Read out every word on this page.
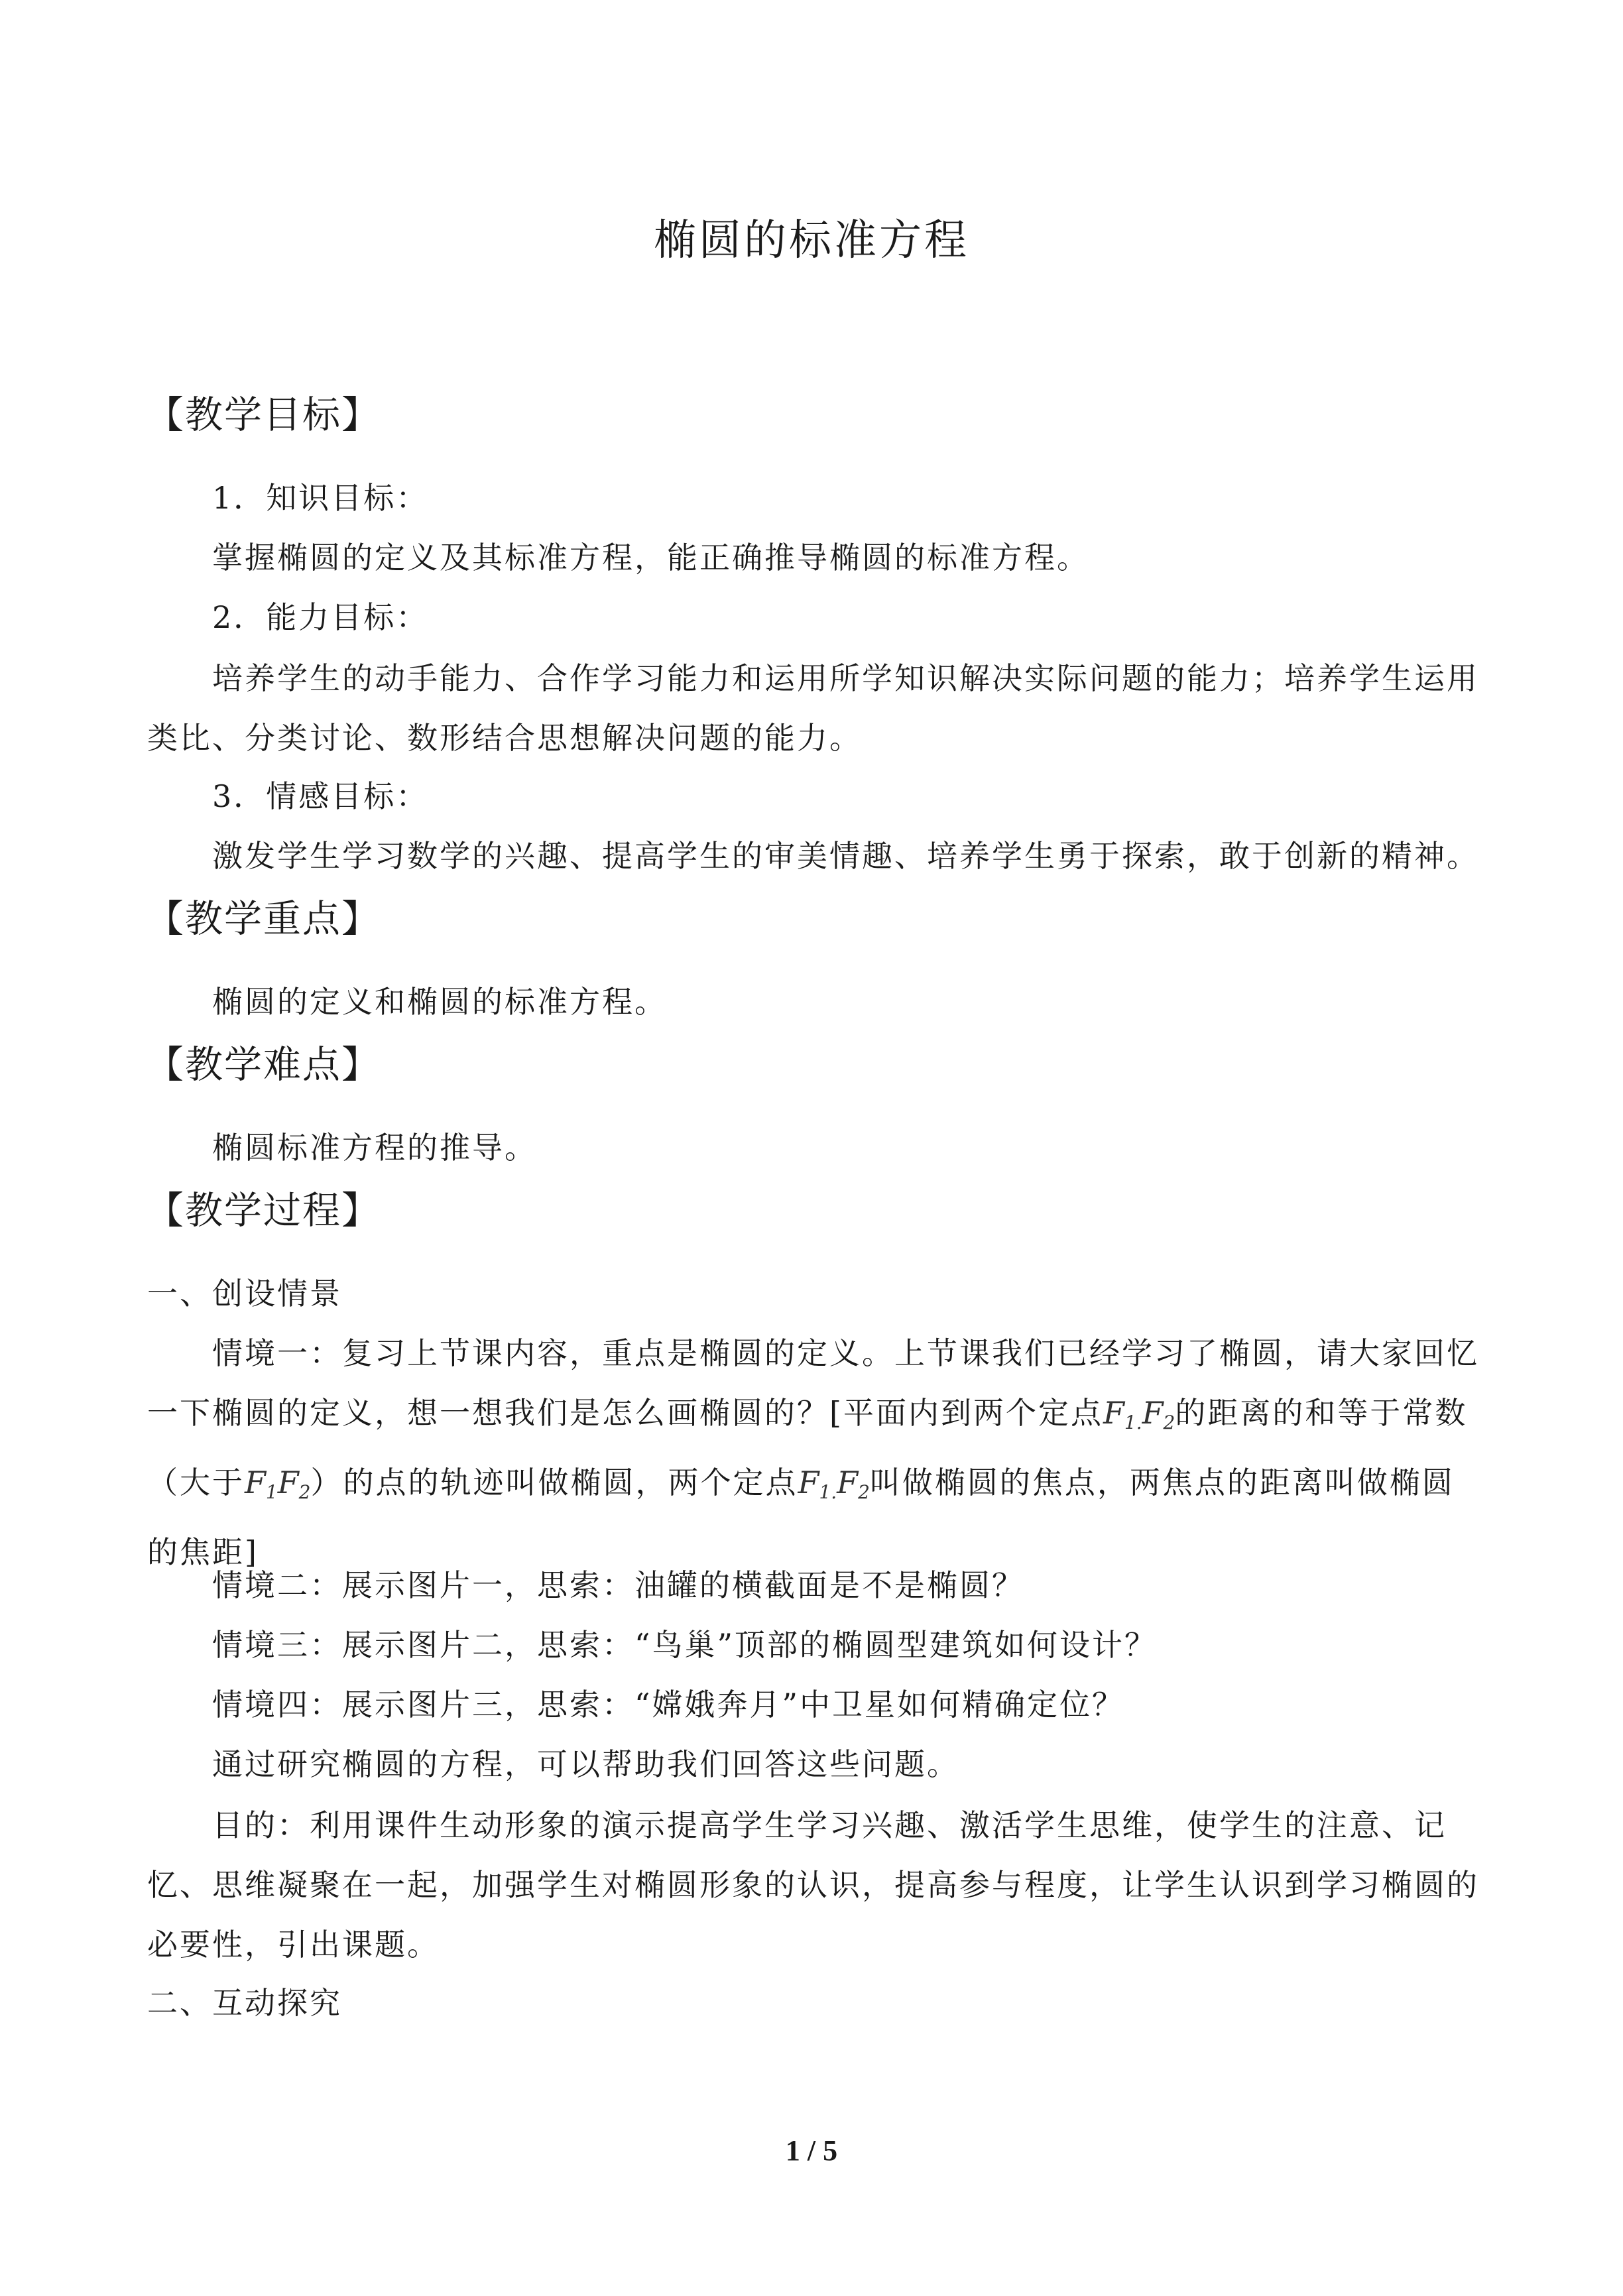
椭圆的标准方程
【教学目标】
1．知识目标：
掌握椭圆的定义及其标准方程，能正确推导椭圆的标准方程。
2．能力目标：

培养学生的动手能力、合作学习能力和运用所学知识解决实际问题的能力；培养学生运用类比、分类讨论、数形结合思想解决问题的能力。

3．情感目标：
激发学生学习数学的兴趣、提高学生的审美情趣、培养学生勇于探索，敢于创新的精神。
【教学重点】
椭圆的定义和椭圆的标准方程。
【教学难点】
椭圆标准方程的推导。
【教学过程】
一、创设情景

情境一：复习上节课内容，重点是椭圆的定义。上节课我们已经学习了椭圆，请大家回忆一下椭圆的定义，想一想我们是怎么画椭圆的？[平面内到两个定点$F_{1.}F_2$的距离的和等于常数（大于$F_1F_2$）的点的轨迹叫做椭圆，两个定点$F_{1.}F_2$叫做椭圆的焦点，两焦点的距离叫做椭圆的焦距]

情境二：展示图片一，思索：油罐的横截面是不是椭圆？
情境三：展示图片二，思索：“鸟巢”顶部的椭圆型建筑如何设计？
情境四：展示图片三，思索：“嫦娥奔月”中卫星如何精确定位？
通过研究椭圆的方程，可以帮助我们回答这些问题。

目的：利用课件生动形象的演示提高学生学习兴趣、激活学生思维，使学生的注意、记忆、思维凝聚在一起，加强学生对椭圆形象的认识，提高参与程度，让学生认识到学习椭圆的必要性，引出课题。

二、互动探究
1 / 5
